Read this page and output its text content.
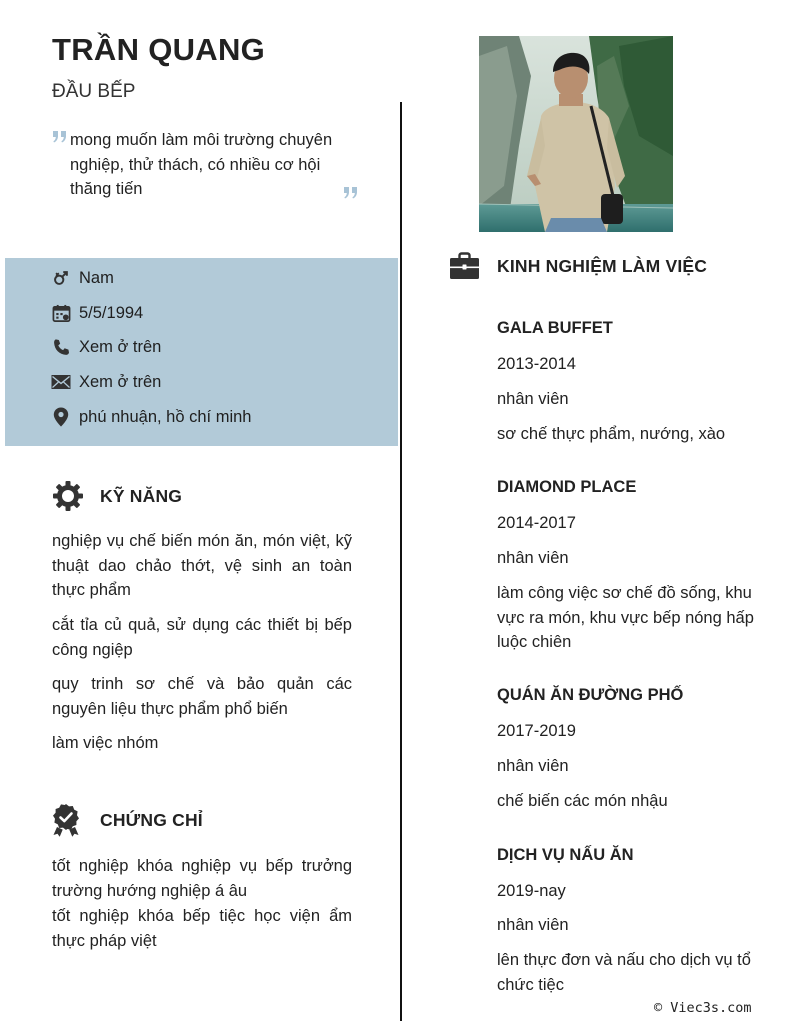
TRẦN QUANG
ĐẦU BẾP
mong muốn làm môi trường chuyên nghiệp, thử thách, có nhiều cơ hội thăng tiến
Nam
5/5/1994
Xem ở trên
Xem ở trên
phú nhuận, hồ chí minh
KỸ NĂNG
nghiệp vụ chế biến món ăn, món việt, kỹ thuật dao chảo thớt, vệ sinh an toàn thực phẩm
cắt tỉa củ quả, sử dụng các thiết bị bếp công ngiệp
quy trinh sơ chế và bảo quản các nguyên liệu thực phẩm phổ biến
làm việc nhóm
CHỨNG CHỈ
tốt nghiệp khóa nghiệp vụ bếp trưởng trường hướng nghiệp á âu
tốt nghiệp khóa bếp tiệc học viện ẩm thực pháp việt
KINH NGHIỆM LÀM VIỆC
GALA BUFFET
2013-2014
nhân viên
sơ chế thực phẩm, nướng, xào
DIAMOND PLACE
2014-2017
nhân viên
làm công việc sơ chế đồ sống, khu vực ra món, khu vực bếp nóng hấp luộc chiên
QUÁN ĂN ĐƯỜNG PHỐ
2017-2019
nhân viên
chế biến các món nhậu
DỊCH VỤ NẤU ĂN
2019-nay
nhân viên
lên thực đơn và nấu cho dịch vụ tổ chức tiệc
© Viec3s.com
